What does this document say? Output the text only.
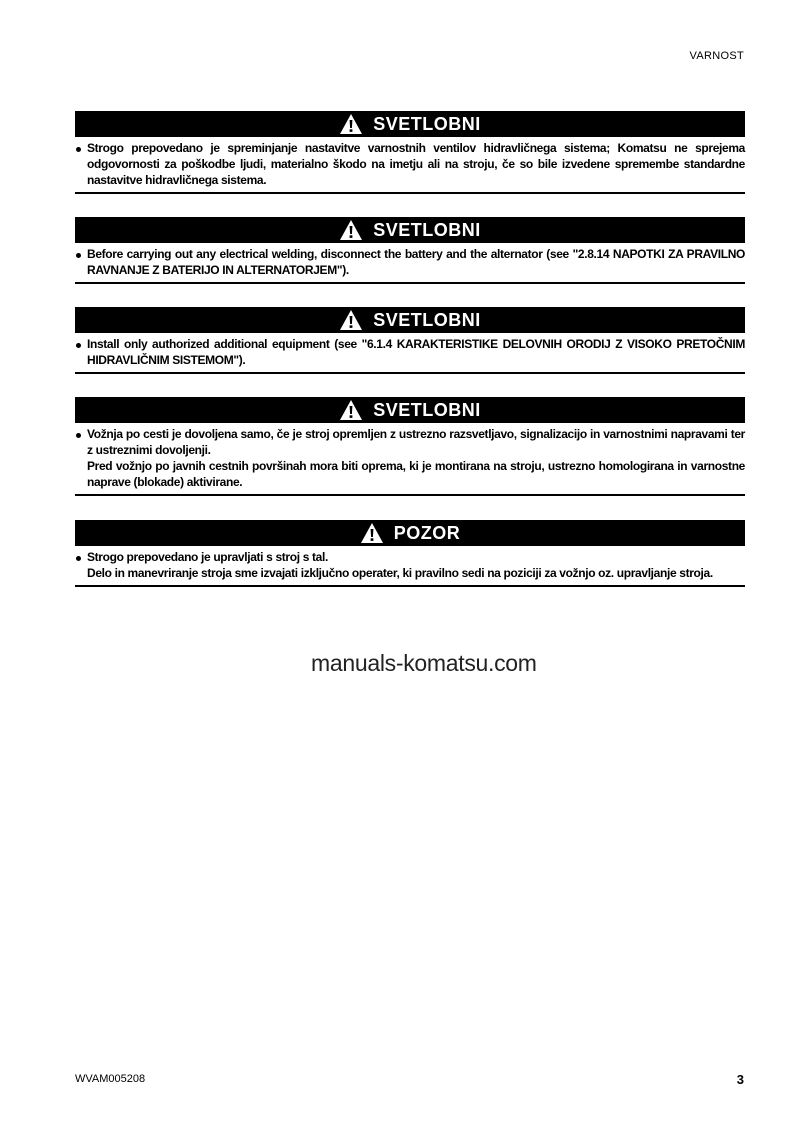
VARNOST
SVETLOBNI

Strogo prepovedano je spreminjanje nastavitve varnostnih ventilov hidravličnega sistema; Komatsu ne sprejema odgovornosti za poškodbe ljudi, materialno škodo na imetju ali na stroju, če so bile izvedene spremembe standardne nastavitve hidravličnega sistema.

SVETLOBNI

Before carrying out any electrical welding, disconnect the battery and the alternator (see "2.8.14 NAPOTKI ZA PRAVILNO RAVNANJE Z BATERIJO IN ALTERNATORJEM").

SVETLOBNI

Install only authorized additional equipment (see "6.1.4 KARAKTERISTIKE DELOVNIH ORODIJ Z VISOKO PRETOČNIM HIDRAVLIČNIM SISTEMOM").

SVETLOBNI

Vožnja po cesti je dovoljena samo, če je stroj opremljen z ustrezno razsvetljavo, signalizacijo in varnostnimi napravami ter z ustreznimi dovoljenji.

Pred vožnjo po javnih cestnih površinah mora biti oprema, ki je montirana na stroju, ustrezno homologirana in varnostne naprave (blokade) aktivirane.

POZOR

Strogo prepovedano je upravljati s stroj s tal.

Delo in manevriranje stroja sme izvajati izključno operater, ki pravilno sedi na poziciji za vožnjo oz. upravljanje stroja.

manuals-komatsu.com
WVAM005208	3
